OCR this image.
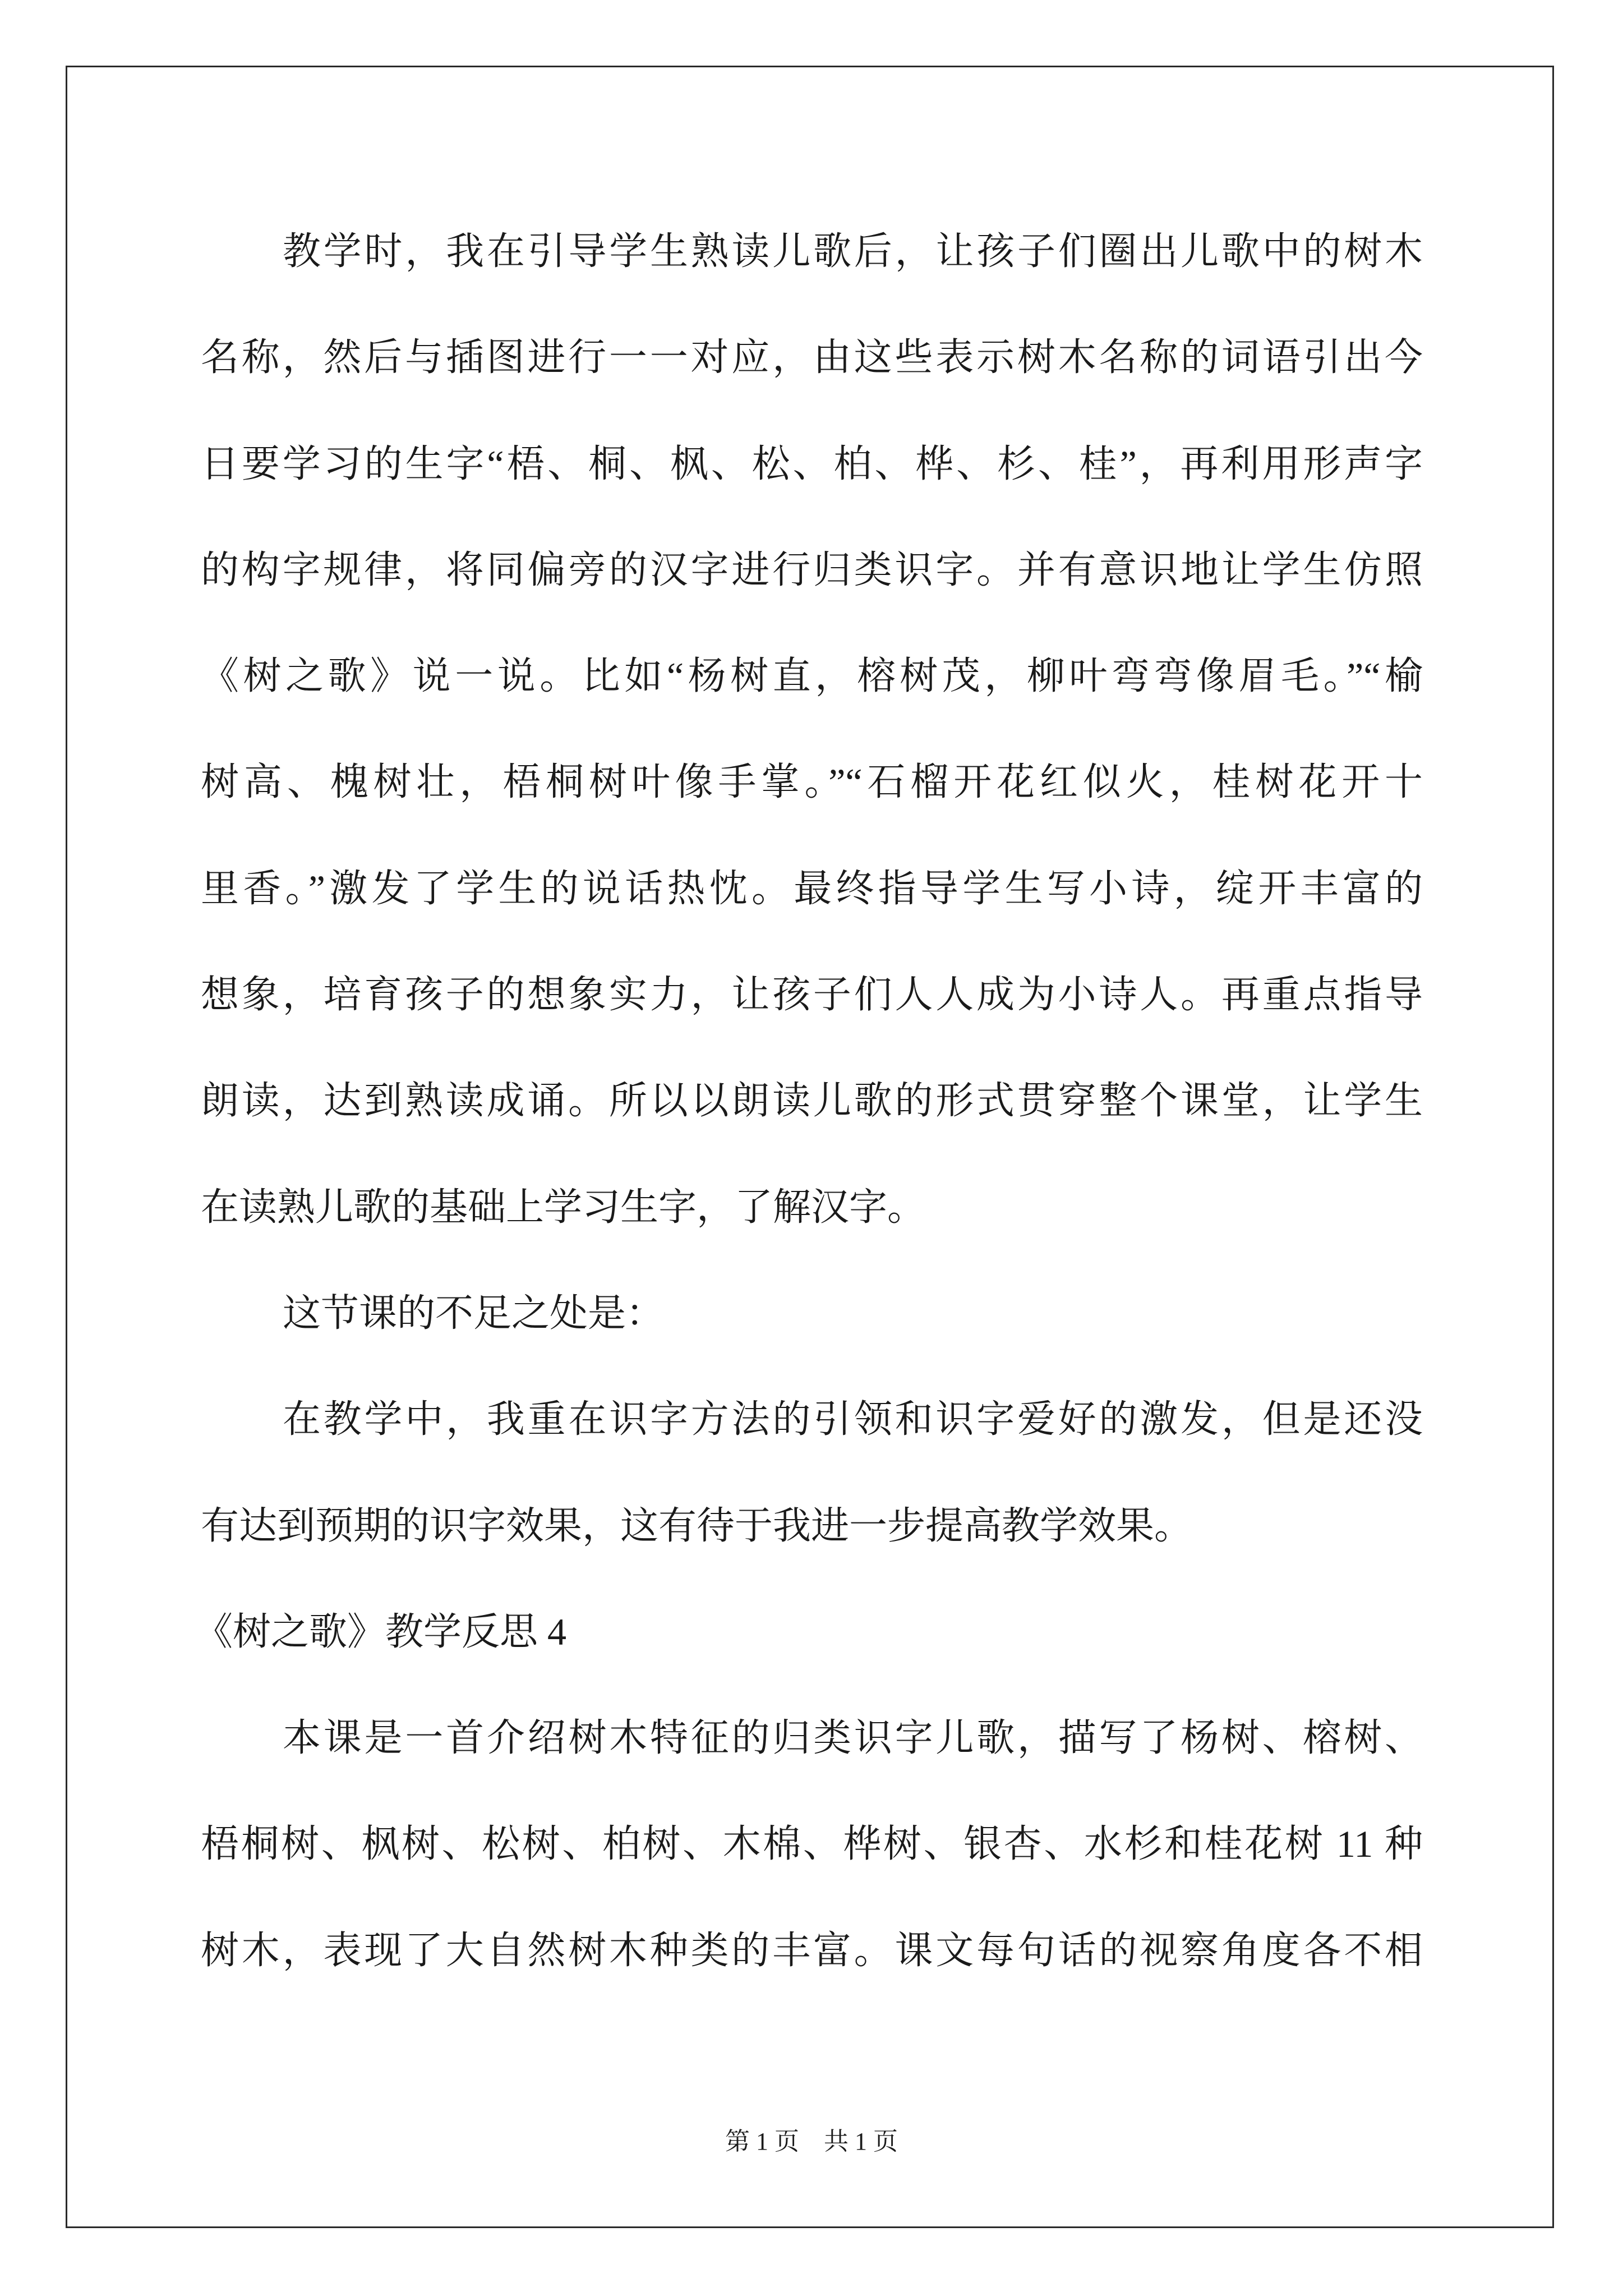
教学时，我在引导学生熟读儿歌后，让孩子们圈出儿歌中的树木
名称，然后与插图进行一一对应，由这些表示树木名称的词语引出今
日要学习的生字“梧、桐、枫、松、柏、桦、杉、桂”，再利用形声字
的构字规律，将同偏旁的汉字进行归类识字。并有意识地让学生仿照
《树之歌》说一说。比如“杨树直，榕树茂，柳叶弯弯像眉毛。”“榆
树高、槐树壮，梧桐树叶像手掌。”“石榴开花红似火，桂树花开十
里香。”激发了学生的说话热忱。最终指导学生写小诗，绽开丰富的
想象，培育孩子的想象实力，让孩子们人人成为小诗人。再重点指导
朗读，达到熟读成诵。所以以朗读儿歌的形式贯穿整个课堂，让学生
在读熟儿歌的基础上学习生字，了解汉字。
这节课的不足之处是：
在教学中，我重在识字方法的引领和识字爱好的激发，但是还没
有达到预期的识字效果，这有待于我进一步提高教学效果。
《树之歌》教学反思 4
本课是一首介绍树木特征的归类识字儿歌，描写了杨树、榕树、
梧桐树、枫树、松树、柏树、木棉、桦树、银杏、水杉和桂花树 11 种
树木，表现了大自然树木种类的丰富。课文每句话的视察角度各不相
第 1 页　共 1 页
